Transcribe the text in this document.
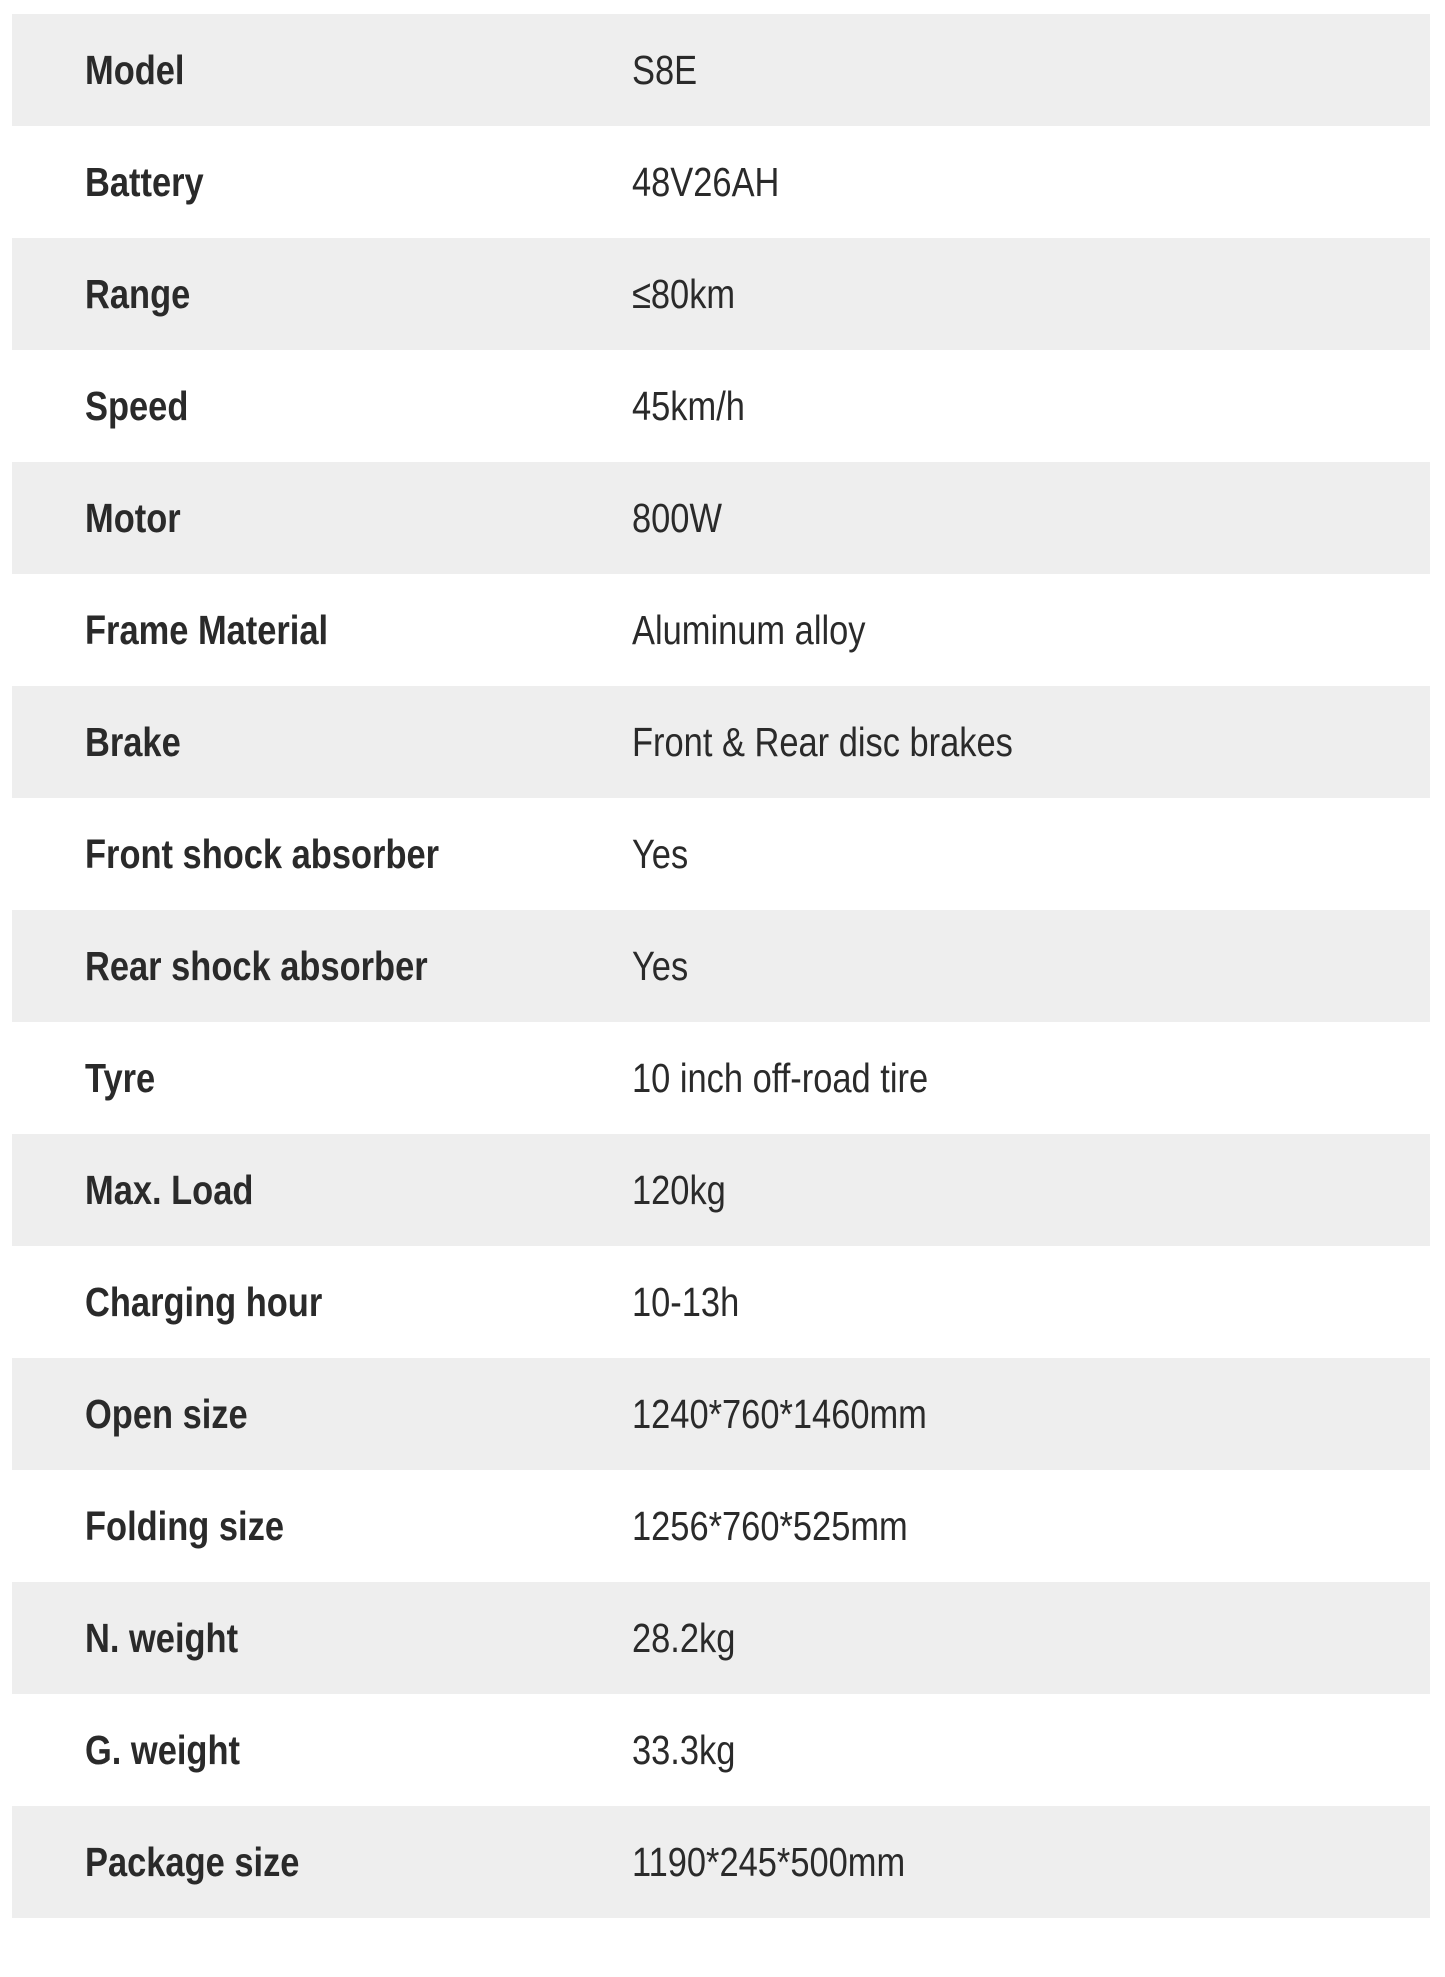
Model	S8E
Battery	48V26AH
Range	≤80km
Speed	45km/h
Motor	800W
Frame Material	Aluminum alloy
Brake	Front & Rear disc brakes
Front shock absorber	Yes
Rear shock absorber	Yes
Tyre	10 inch off-road tire
Max. Load	120kg
Charging hour	10-13h
Open size	1240*760*1460mm
Folding size	1256*760*525mm
N. weight	28.2kg
G. weight	33.3kg
Package size	1190*245*500mm
